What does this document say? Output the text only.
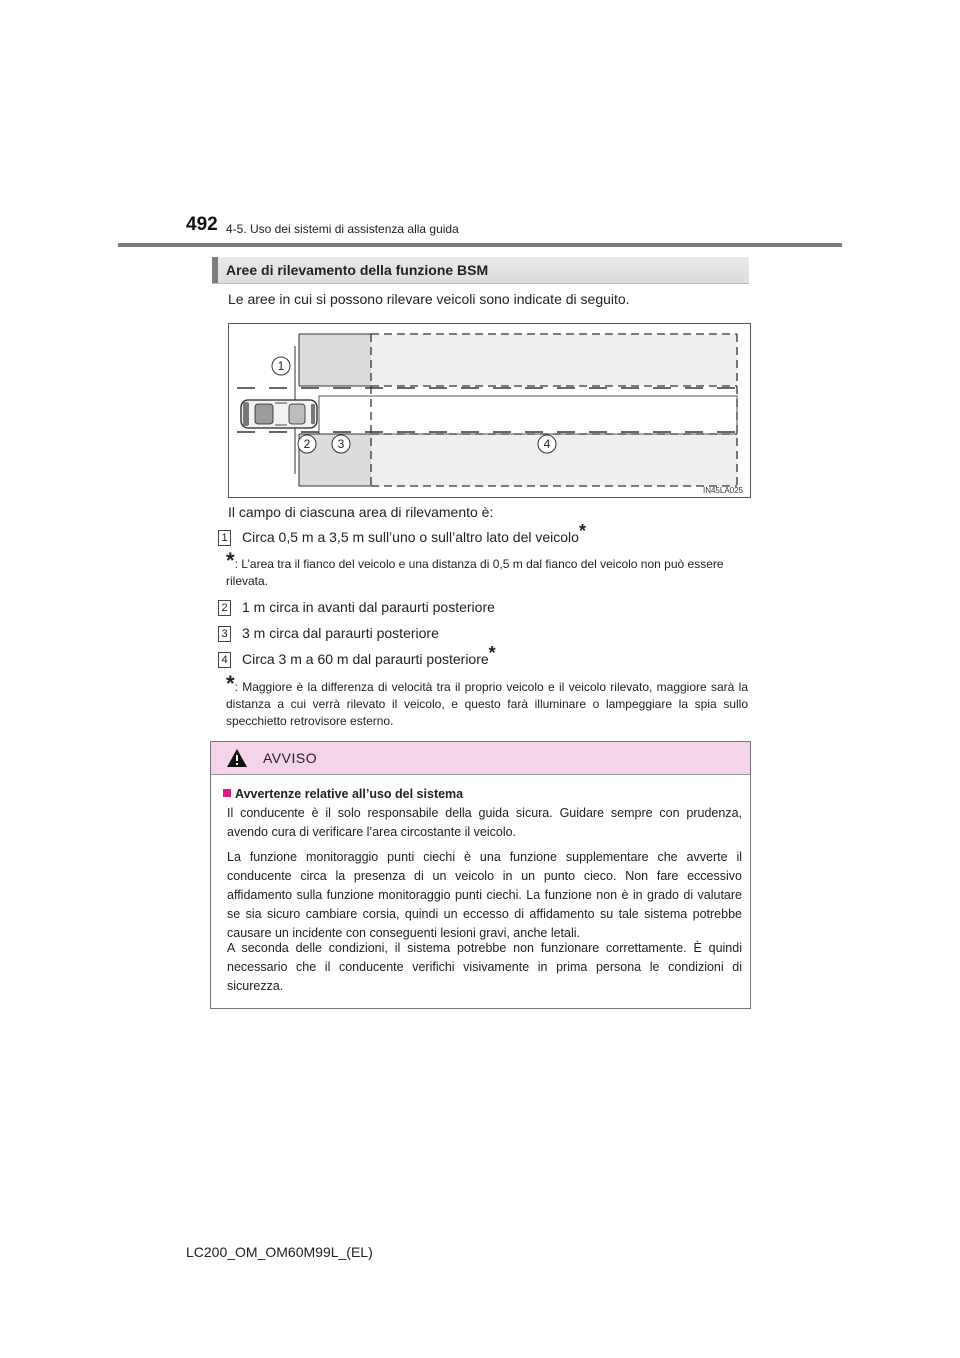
492 4-5. Uso dei sistemi di assistenza alla guida
Aree di rilevamento della funzione BSM
Le aree in cui si possono rilevare veicoli sono indicate di seguito.
1
2 3	4
IN45LA025
Il campo di ciascuna area di rilevamento è:
1 Circa 0,5 m a 3,5 m sull’uno o sull’altro lato del veicolo*
*: L’area tra il fianco del veicolo e una distanza di 0,5 m dal fianco del veicolo non può essere rilevata.
2 1 m circa in avanti dal paraurti posteriore
3 3 m circa dal paraurti posteriore
4 Circa 3 m a 60 m dal paraurti posteriore*
*: Maggiore è la differenza di velocità tra il proprio veicolo e il veicolo rilevato, maggiore sarà la distanza a cui verrà rilevato il veicolo, e questo farà illuminare o lampeggiare la spia sullo specchietto retrovisore esterno.
AVVISO
Avvertenze relative all’uso del sistema
Il conducente è il solo responsabile della guida sicura. Guidare sempre con prudenza, avendo cura di verificare l’area circostante il veicolo.
La funzione monitoraggio punti ciechi è una funzione supplementare che avverte il conducente circa la presenza di un veicolo in un punto cieco. Non fare eccessivo affidamento sulla funzione monitoraggio punti ciechi. La funzione non è in grado di valutare se sia sicuro cambiare corsia, quindi un eccesso di affidamento su tale sistema potrebbe causare un incidente con conseguenti lesioni gravi, anche letali.
A seconda delle condizioni, il sistema potrebbe non funzionare correttamente. È quindi necessario che il conducente verifichi visivamente in prima persona le condizioni di sicurezza.
LC200_OM_OM60M99L_(EL)
